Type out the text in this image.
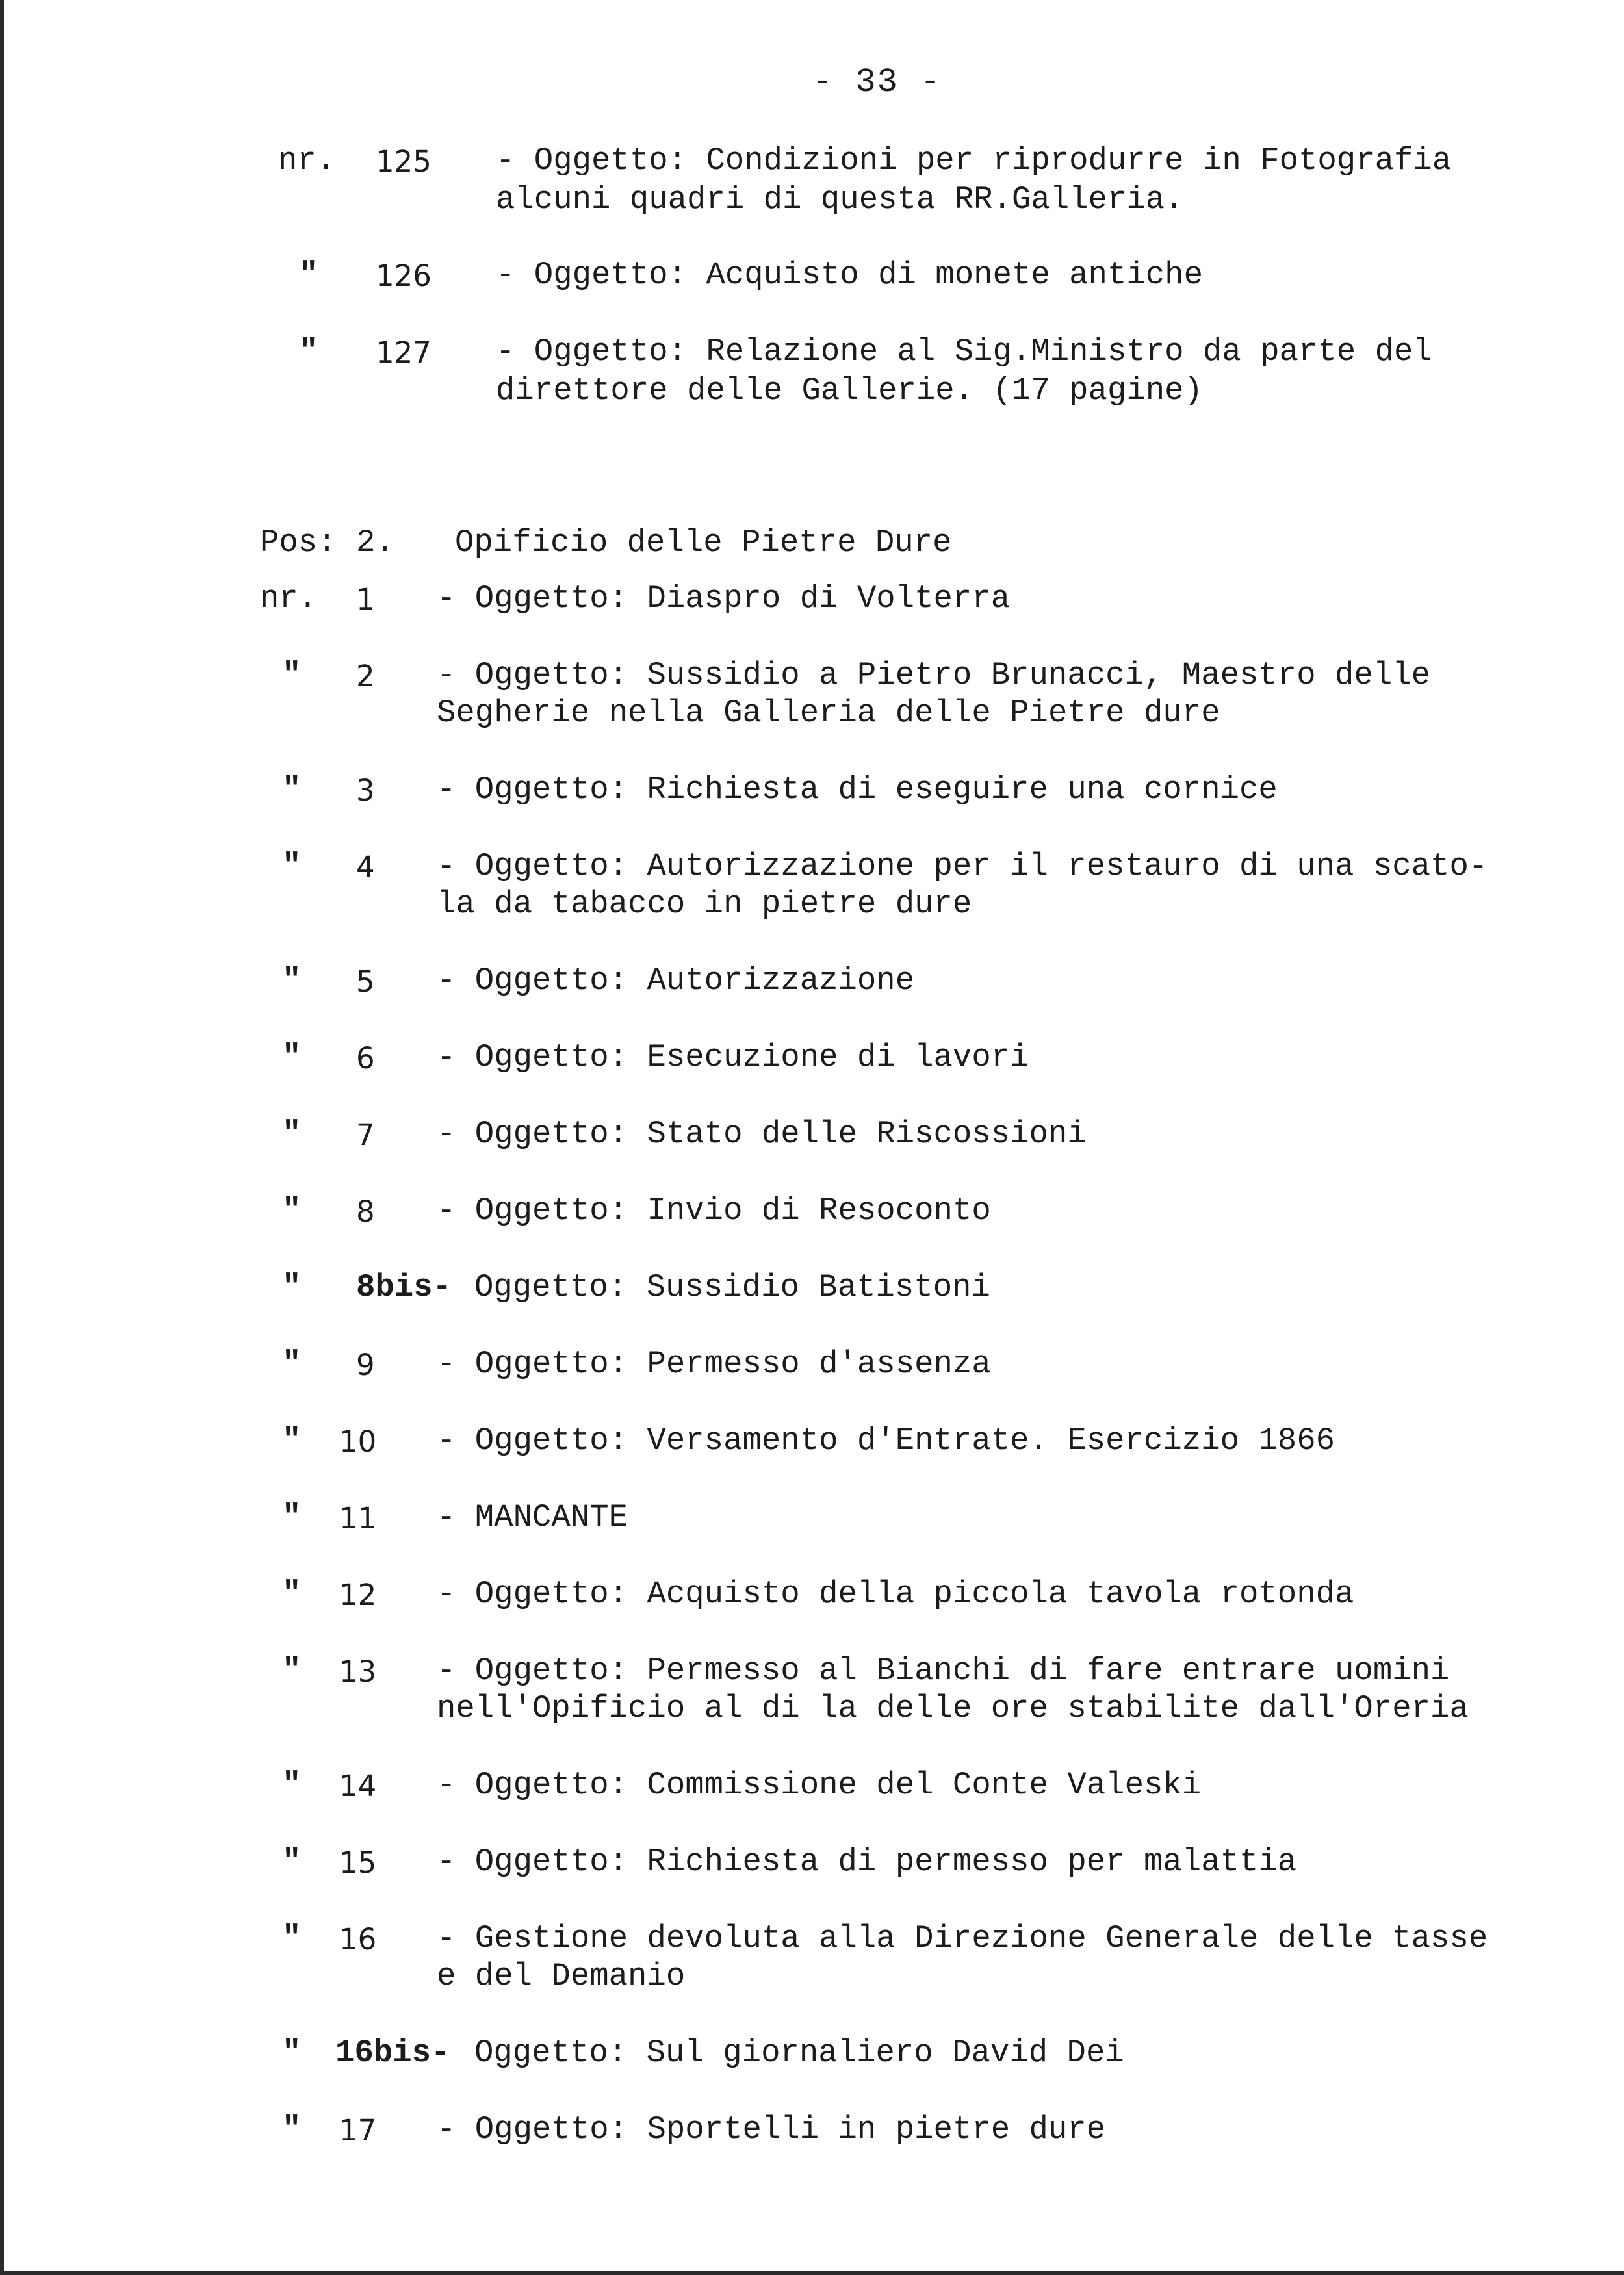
- 33 -
nr. 125 - Oggetto: Condizioni per riprodurre in Fotografia
alcuni quadri di questa RR.Galleria.
" 126 - Oggetto: Acquisto di monete antiche
" 127 - Oggetto: Relazione al Sig.Ministro da parte del
direttore delle Gallerie. (17 pagine)
Pos: 2. Opificio delle Pietre Dure
nr. 1 - Oggetto: Diaspro di Volterra
" 2 - Oggetto: Sussidio a Pietro Brunacci, Maestro delle
Segherie nella Galleria delle Pietre dure
" 3 - Oggetto: Richiesta di eseguire una cornice
" 4 - Oggetto: Autorizzazione per il restauro di una scato-
la da tabacco in pietre dure
" 5 - Oggetto: Autorizzazione
" 6 - Oggetto: Esecuzione di lavori
" 7 - Oggetto: Stato delle Riscossioni
" 8 - Oggetto: Invio di Resoconto
" 8bis- Oggetto: Sussidio Batistoni
" 9 - Oggetto: Permesso d'assenza
" 10 - Oggetto: Versamento d'Entrate. Esercizio 1866
" 11 - MANCANTE
" 12 - Oggetto: Acquisto della piccola tavola rotonda
" 13 - Oggetto: Permesso al Bianchi di fare entrare uomini
nell'Opificio al di la delle ore stabilite dall'Oreria
" 14 - Oggetto: Commissione del Conte Valeski
" 15 - Oggetto: Richiesta di permesso per malattia
" 16 - Gestione devoluta alla Direzione Generale delle tasse
e del Demanio
" 16bis- Oggetto: Sul giornaliero David Dei
" 17 - Oggetto: Sportelli in pietre dure
